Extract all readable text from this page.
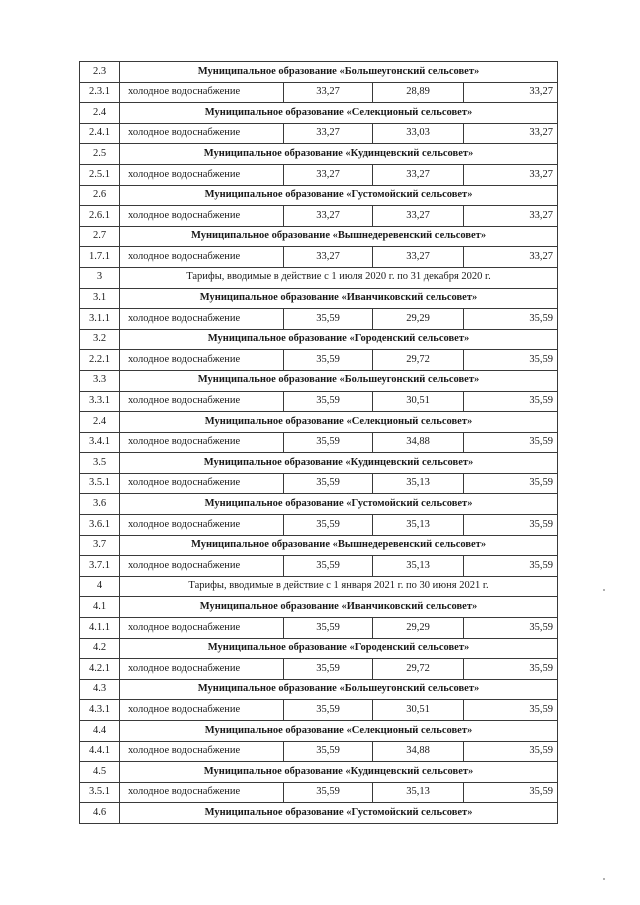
2.3	Муниципальное образование «Большеугонский сельсовет»			
2.3.1	холодное водоснабжение	33,27	28,89	33,27
2.4	Муниципальное образование «Селекционый сельсовет»			
2.4.1	холодное водоснабжение	33,27	33,03	33,27
2.5	Муниципальное образование «Кудинцевский сельсовет»			
2.5.1	холодное водоснабжение	33,27	33,27	33,27
2.6	Муниципальное образование «Густомойский сельсовет»			
2.6.1	холодное водоснабжение	33,27	33,27	33,27
2.7	Муниципальное образование «Вышнедеревенский сельсовет»			
1.7.1	холодное водоснабжение	33,27	33,27	33,27
3	Тарифы, вводимые в действие с 1 июля 2020 г. по 31 декабря 2020 г.			
3.1	Муниципальное образование «Иванчиковский сельсовет»			
3.1.1	холодное водоснабжение	35,59	29,29	35,59
3.2	Муниципальное образование «Городенский сельсовет»			
2.2.1	холодное водоснабжение	35,59	29,72	35,59
3.3	Муниципальное образование «Большеугонский сельсовет»			
3.3.1	холодное водоснабжение	35,59	30,51	35,59
2.4	Муниципальное образование «Селекционый сельсовет»			
3.4.1	холодное водоснабжение	35,59	34,88	35,59
3.5	Муниципальное образование «Кудинцевский сельсовет»			
3.5.1	холодное водоснабжение	35,59	35,13	35,59
3.6	Муниципальное образование «Густомойский сельсовет»			
3.6.1	холодное водоснабжение	35,59	35,13	35,59
3.7	Муниципальное образование «Вышнедеревенский сельсовет»			
3.7.1	холодное водоснабжение	35,59	35,13	35,59
4	Тарифы, вводимые в действие с 1 января 2021 г. по 30 июня 2021 г.			
4.1	Муниципальное образование «Иванчиковский сельсовет»			
4.1.1	холодное водоснабжение	35,59	29,29	35,59
4.2	Муниципальное образование «Городенский сельсовет»			
4.2.1	холодное водоснабжение	35,59	29,72	35,59
4.3	Муниципальное образование «Большеугонский сельсовет»			
4.3.1	холодное водоснабжение	35,59	30,51	35,59
4.4	Муниципальное образование «Селекционый сельсовет»			
4.4.1	холодное водоснабжение	35,59	34,88	35,59
4.5	Муниципальное образование «Кудинцевский сельсовет»			
3.5.1	холодное водоснабжение	35,59	35,13	35,59
4.6	Муниципальное образование «Густомойский сельсовет»			
